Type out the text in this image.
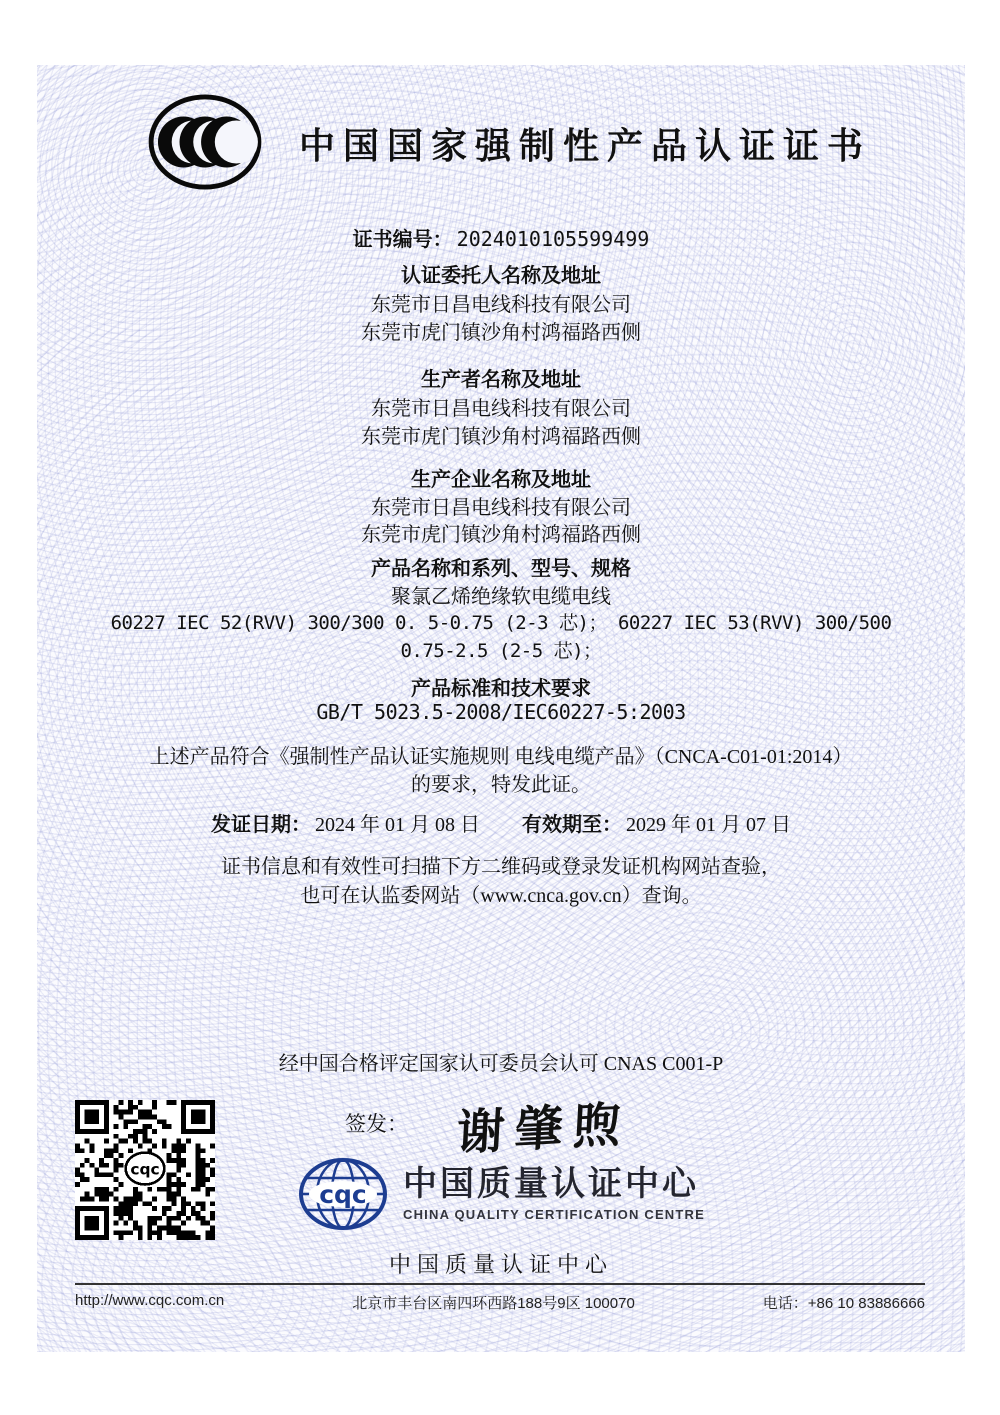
中国国家强制性产品认证证书
证书编号： 2024010105599499
认证委托人名称及地址
东莞市日昌电线科技有限公司
东莞市虎门镇沙角村鸿福路西侧
生产者名称及地址
东莞市日昌电线科技有限公司
东莞市虎门镇沙角村鸿福路西侧
生产企业名称及地址
东莞市日昌电线科技有限公司
东莞市虎门镇沙角村鸿福路西侧
产品名称和系列、型号、规格
聚氯乙烯绝缘软电缆电线
60227 IEC 52(RVV) 300/300 0. 5-0.75 (2-3 芯)； 60227 IEC 53(RVV) 300/500
0.75-2.5 (2-5 芯)；
产品标准和技术要求
GB/T 5023.5-2008/IEC60227-5:2003
上述产品符合《强制性产品认证实施规则 电线电缆产品》（CNCA-C01-01:2014）
的要求，特发此证。
发证日期： 2024 年 01 月 08 日 有效期至： 2029 年 01 月 07 日
证书信息和有效性可扫描下方二维码或登录发证机构网站查验，
也可在认监委网站（www.cnca.gov.cn）查询。
经中国合格评定国家认可委员会认可 CNAS C001-P
签发： 谢肇煦
cqc
cqc 中国质量认证中心
CHINA QUALITY CERTIFICATION CENTRE
中国质量认证中心
http://www.cqc.com.cn	北京市丰台区南四环西路188号9区 100070	电话：+86 10 83886666
